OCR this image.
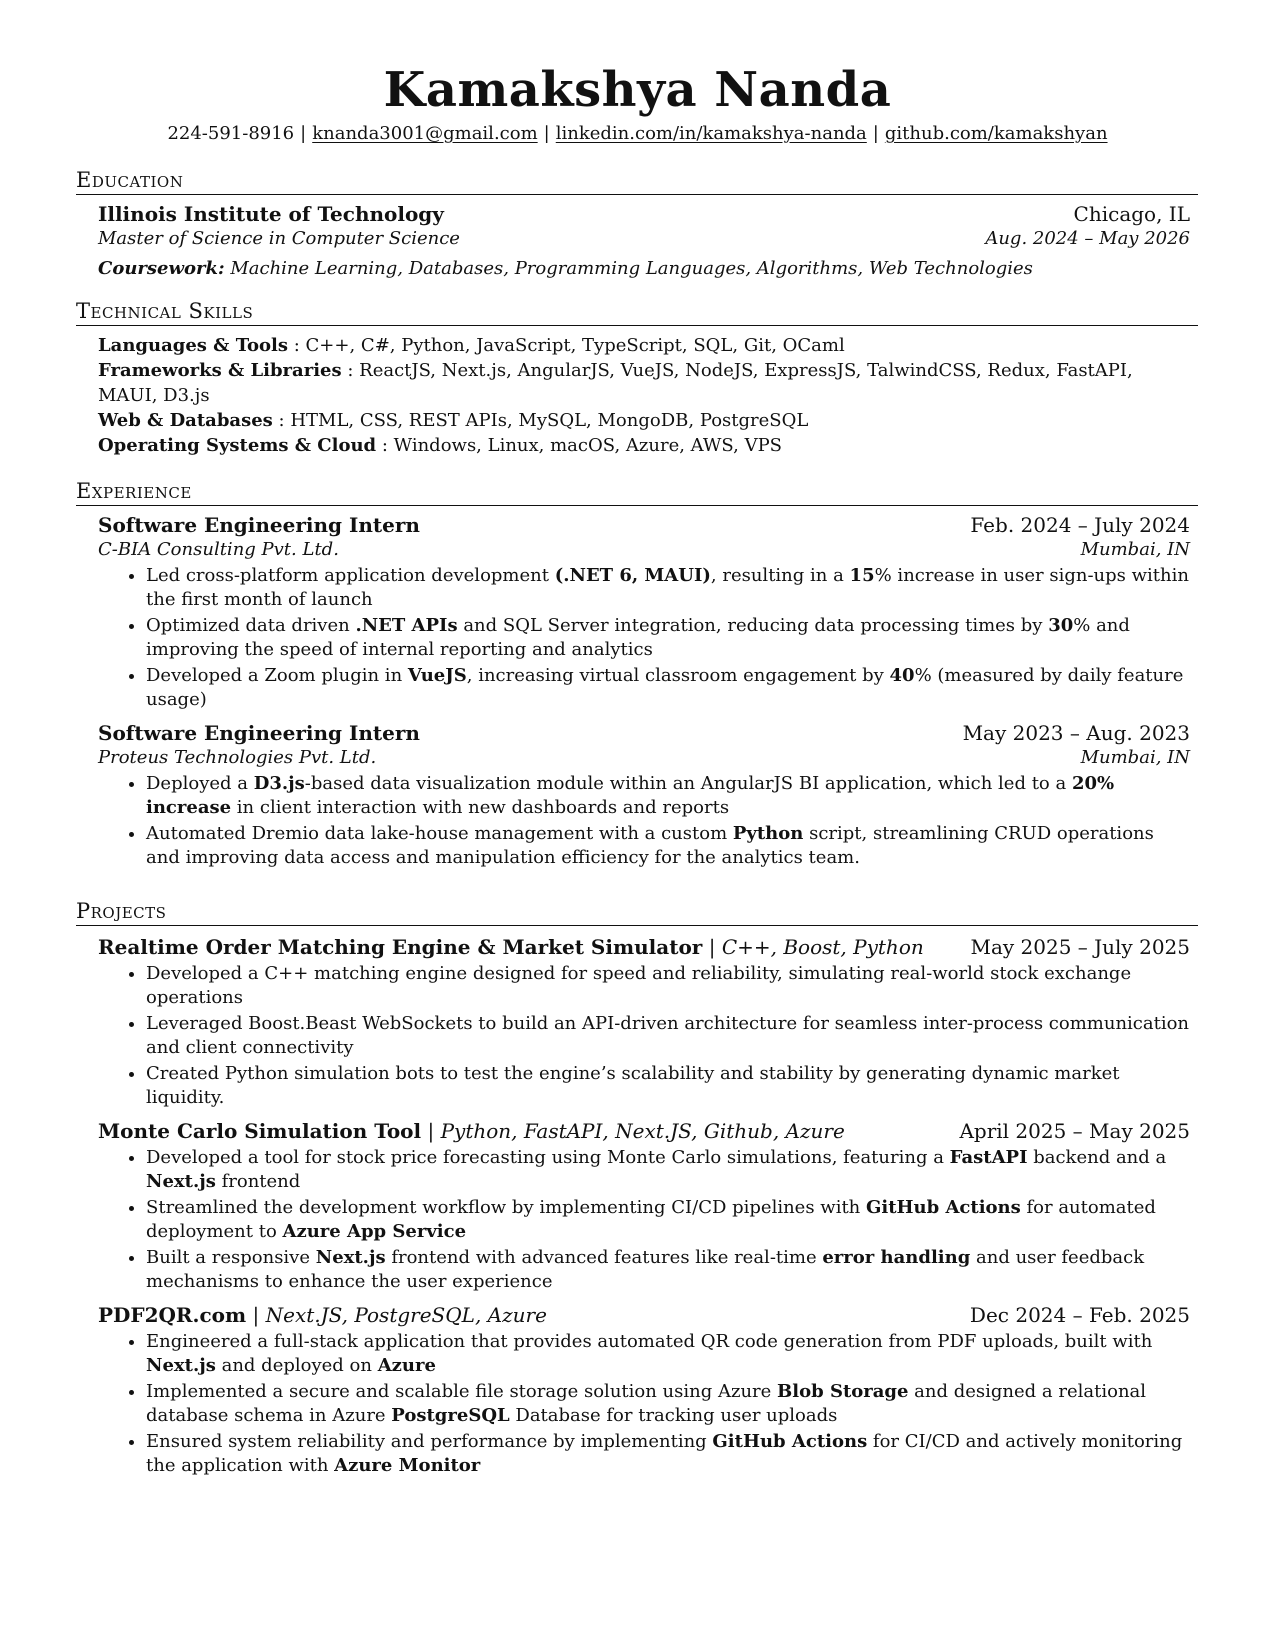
Kamakshya Nanda
224-591-8916 | knanda3001@gmail.com | linkedin.com/in/kamakshya-nanda | github.com/kamakshyan
Education
Illinois Institute of Technology	Chicago, IL
Master of Science in Computer Science	Aug. 2024 – May 2026
Coursework: Machine Learning, Databases, Programming Languages, Algorithms, Web Technologies
Technical Skills
Languages & Tools : C++, C#, Python, JavaScript, TypeScript, SQL, Git, OCaml
Frameworks & Libraries : ReactJS, Next.js, AngularJS, VueJS, NodeJS, ExpressJS, TalwindCSS, Redux, FastAPI, MAUI, D3.js
Web & Databases : HTML, CSS, REST APIs, MySQL, MongoDB, PostgreSQL
Operating Systems & Cloud : Windows, Linux, macOS, Azure, AWS, VPS
Experience
Software Engineering Intern	Feb. 2024 – July 2024
C-BIA Consulting Pvt. Ltd.	Mumbai, IN
• Led cross-platform application development (.NET 6, MAUI), resulting in a 15% increase in user sign-ups within the first month of launch
• Optimized data driven .NET APIs and SQL Server integration, reducing data processing times by 30% and improving the speed of internal reporting and analytics
• Developed a Zoom plugin in VueJS, increasing virtual classroom engagement by 40% (measured by daily feature usage)
Software Engineering Intern	May 2023 – Aug. 2023
Proteus Technologies Pvt. Ltd.	Mumbai, IN
• Deployed a D3.js-based data visualization module within an AngularJS BI application, which led to a 20% increase in client interaction with new dashboards and reports
• Automated Dremio data lake-house management with a custom Python script, streamlining CRUD operations and improving data access and manipulation efficiency for the analytics team.
Projects
Realtime Order Matching Engine & Market Simulator | C++, Boost, Python May 2025 – July 2025
• Developed a C++ matching engine designed for speed and reliability, simulating real-world stock exchange operations
• Leveraged Boost.Beast WebSockets to build an API-driven architecture for seamless inter-process communication and client connectivity
• Created Python simulation bots to test the engine’s scalability and stability by generating dynamic market liquidity.
Monte Carlo Simulation Tool | Python, FastAPI, Next.JS, Github, Azure	April 2025 – May 2025
• Developed a tool for stock price forecasting using Monte Carlo simulations, featuring a FastAPI backend and a Next.js frontend
• Streamlined the development workflow by implementing CI/CD pipelines with GitHub Actions for automated deployment to Azure App Service
• Built a responsive Next.js frontend with advanced features like real-time error handling and user feedback mechanisms to enhance the user experience
PDF2QR.com | Next.JS, PostgreSQL, Azure	Dec 2024 – Feb. 2025
• Engineered a full-stack application that provides automated QR code generation from PDF uploads, built with Next.js and deployed on Azure
• Implemented a secure and scalable file storage solution using Azure Blob Storage and designed a relational database schema in Azure PostgreSQL Database for tracking user uploads
• Ensured system reliability and performance by implementing GitHub Actions for CI/CD and actively monitoring the application with Azure Monitor
